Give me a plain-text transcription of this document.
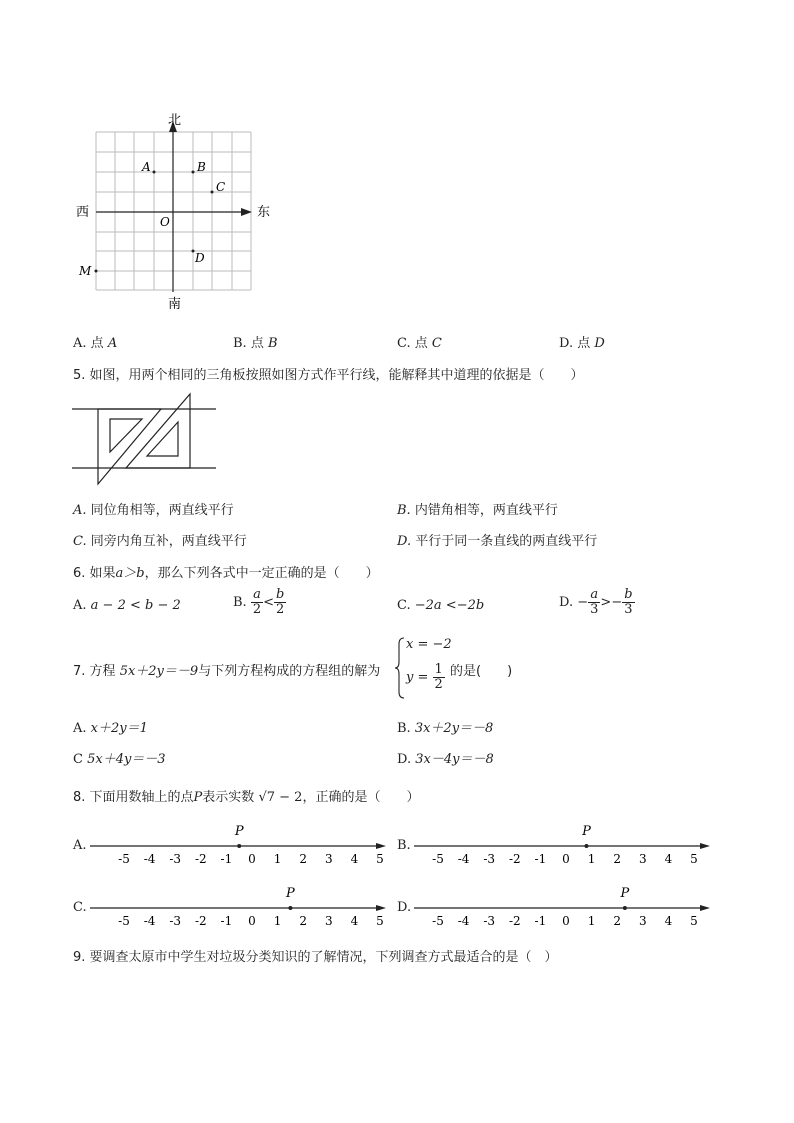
北
南
西	东
A	B
C
D
O
M
A. 点 A	B. 点 B	C. 点 C	D. 点 D
5. 如图，用两个相同的三角板按照如图方式作平行线，能解释其中道理的依据是（　　）
A. 同位角相等，两直线平行	B. 内错角相等，两直线平行
C. 同旁内角互补，两直线平行	D. 平行于同一条直线的两直线平行
6. 如果a＞b，那么下列各式中一定正确的是（　　）
A. a − 2 < b − 2	B. $\frac{a}{2} < \frac{b}{2}$	C. −2a <−2b	D. − $\frac{a}{3} >- \frac{b}{3}$
7. 方程 5x＋2y＝－9与下列方程构成的方程组的解为
x = −2
$y = \frac{1}{2}$ 的是(　　)
A. x＋2y＝1	B. 3x＋2y＝－8
C 5x＋4y＝－3	D. 3x－4y＝－8
8. 下面用数轴上的点P表示实数 √7 − 2，正确的是（　　）
A.
-5 -4 -3 -2 -1 0 1 2 3 4 5
P
B.
-5 -4 -3 -2 -1 0 1 2 3 4 5
P
C.
-5 -4 -3 -2 -1 0 1 2 3 4 5
P
D.
-5 -4 -3 -2 -1 0 1 2 3 4 5
P
9. 要调查太原市中学生对垃圾分类知识的了解情况，下列调查方式最适合的是（　）
